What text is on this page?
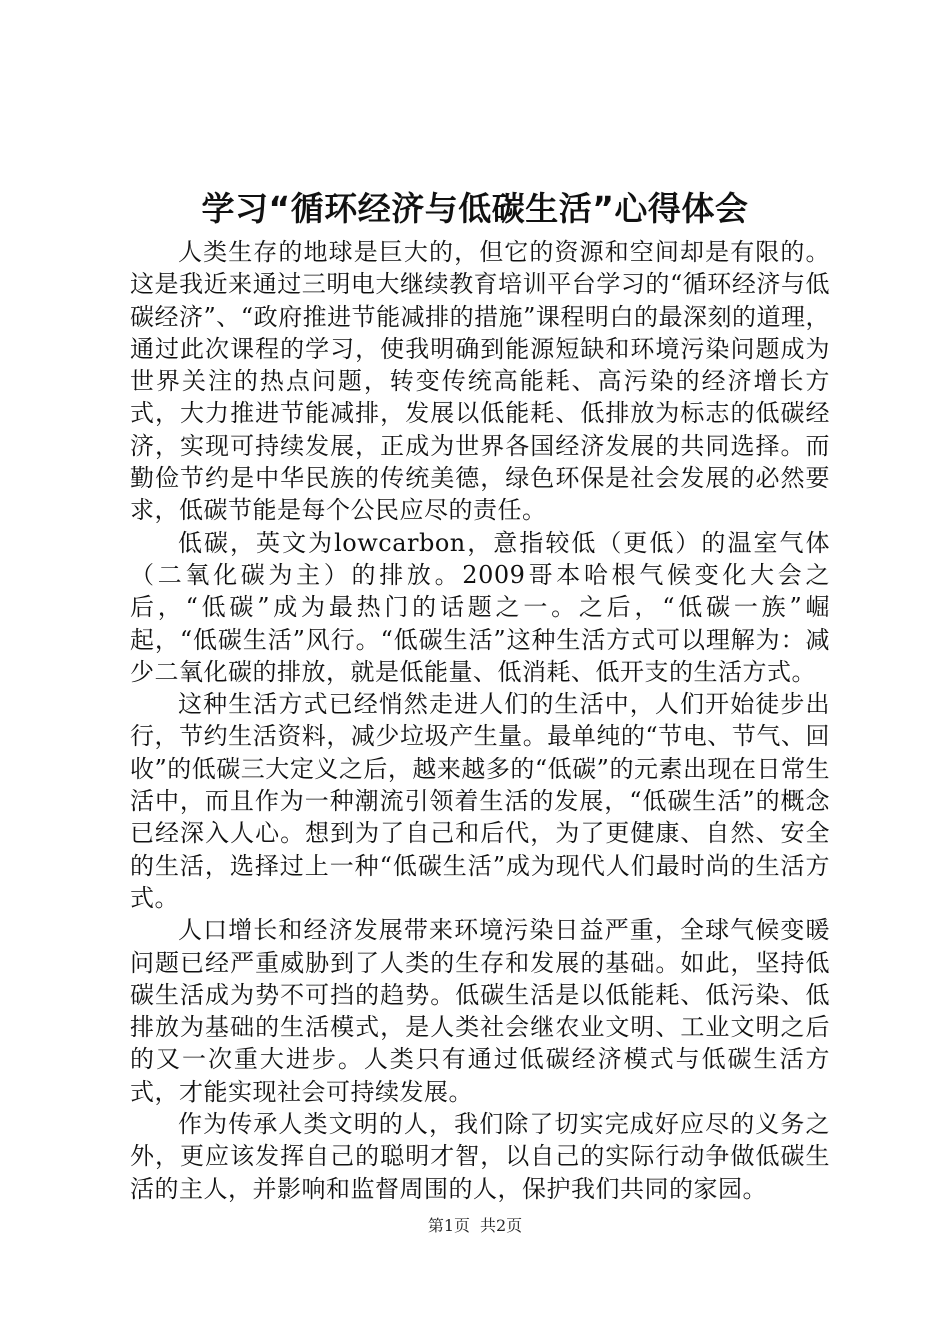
学习“循环经济与低碳生活”心得体会

人类生存的地球是巨大的，但它的资源和空间却是有限的。这是我近来通过三明电大继续教育培训平台学习的“循环经济与低碳经济”、“政府推进节能减排的措施”课程明白的最深刻的道理，通过此次课程的学习，使我明确到能源短缺和环境污染问题成为世界关注的热点问题，转变传统高能耗、高污染的经济增长方式，大力推进节能减排，发展以低能耗、低排放为标志的低碳经济，实现可持续发展，正成为世界各国经济发展的共同选择。而勤俭节约是中华民族的传统美德，绿色环保是社会发展的必然要求，低碳节能是每个公民应尽的责任。

低碳，英文为lowcarbon，意指较低（更低）的温室气体（二氧化碳为主）的排放。2009哥本哈根气候变化大会之后，“低碳”成为最热门的话题之一。之后，“低碳一族”崛起，“低碳生活”风行。“低碳生活”这种生活方式可以理解为：减少二氧化碳的排放，就是低能量、低消耗、低开支的生活方式。

这种生活方式已经悄然走进人们的生活中，人们开始徒步出行，节约生活资料，减少垃圾产生量。最单纯的“节电、节气、回收”的低碳三大定义之后，越来越多的“低碳”的元素出现在日常生活中，而且作为一种潮流引领着生活的发展，“低碳生活”的概念已经深入人心。想到为了自己和后代，为了更健康、自然、安全的生活，选择过上一种“低碳生活”成为现代人们最时尚的生活方式。

人口增长和经济发展带来环境污染日益严重，全球气候变暖问题已经严重威胁到了人类的生存和发展的基础。如此，坚持低碳生活成为势不可挡的趋势。低碳生活是以低能耗、低污染、低排放为基础的生活模式，是人类社会继农业文明、工业文明之后的又一次重大进步。人类只有通过低碳经济模式与低碳生活方式，才能实现社会可持续发展。

作为传承人类文明的人，我们除了切实完成好应尽的义务之外，更应该发挥自己的聪明才智，以自己的实际行动争做低碳生活的主人，并影响和监督周围的人，保护我们共同的家园。

第1页 共2页
